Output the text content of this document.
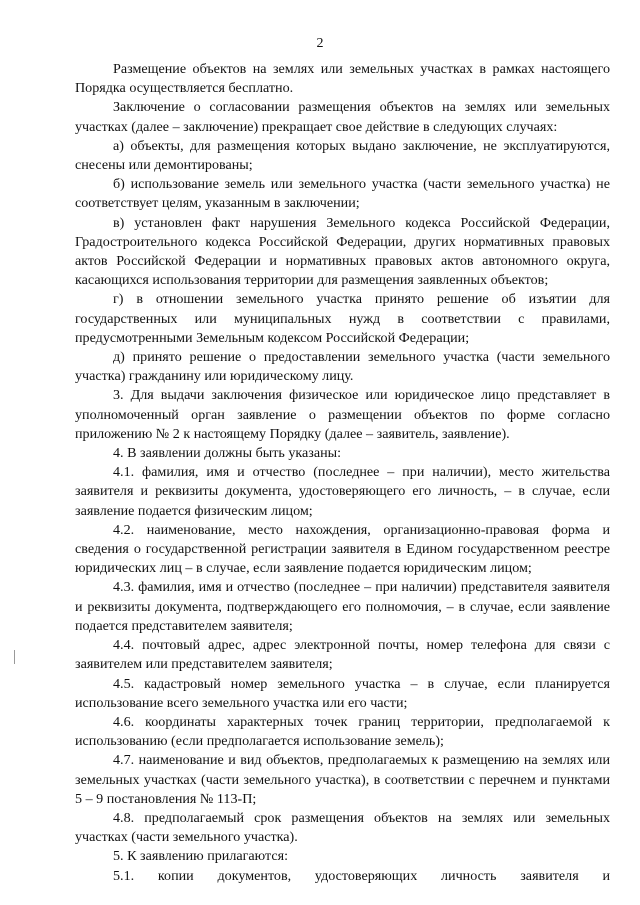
2

Размещение объектов на землях или земельных участках в рамках настоящего Порядка осуществляется бесплатно.

Заключение о согласовании размещения объектов на землях или земельных участках (далее – заключение) прекращает свое действие в следующих случаях:

а) объекты, для размещения которых выдано заключение, не эксплуатируются, снесены или демонтированы;

б) использование земель или земельного участка (части земельного участка) не соответствует целям, указанным в заключении;

в) установлен факт нарушения Земельного кодекса Российской Федерации, Градостроительного кодекса Российской Федерации, других нормативных правовых актов Российской Федерации и нормативных правовых актов автономного округа, касающихся использования территории для размещения заявленных объектов;

г) в отношении земельного участка принято решение об изъятии для государственных или муниципальных нужд в соответствии с правилами, предусмотренными Земельным кодексом Российской Федерации;

д) принято решение о предоставлении земельного участка (части земельного участка) гражданину или юридическому лицу.

3. Для выдачи заключения физическое или юридическое лицо представляет в уполномоченный орган заявление о размещении объектов по форме согласно приложению № 2 к настоящему Порядку (далее – заявитель, заявление).

4. В заявлении должны быть указаны:

4.1. фамилия, имя и отчество (последнее – при наличии), место жительства заявителя и реквизиты документа, удостоверяющего его личность, – в случае, если заявление подается физическим лицом;

4.2. наименование, место нахождения, организационно-правовая форма и сведения о государственной регистрации заявителя в Едином государственном реестре юридических лиц – в случае, если заявление подается юридическим лицом;

4.3. фамилия, имя и отчество (последнее – при наличии) представителя заявителя и реквизиты документа, подтверждающего его полномочия, – в случае, если заявление подается представителем заявителя;

4.4. почтовый адрес, адрес электронной почты, номер телефона для связи с заявителем или представителем заявителя;

4.5. кадастровый номер земельного участка – в случае, если планируется использование всего земельного участка или его части;

4.6. координаты характерных точек границ территории, предполагаемой к использованию (если предполагается использование земель);

4.7. наименование и вид объектов, предполагаемых к размещению на землях или земельных участках (части земельного участка), в соответствии с перечнем и пунктами 5 – 9 постановления № 113-П;

4.8. предполагаемый срок размещения объектов на землях или земельных участках (части земельного участка).

5. К заявлению прилагаются:

5.1. копии документов, удостоверяющих личность заявителя и
